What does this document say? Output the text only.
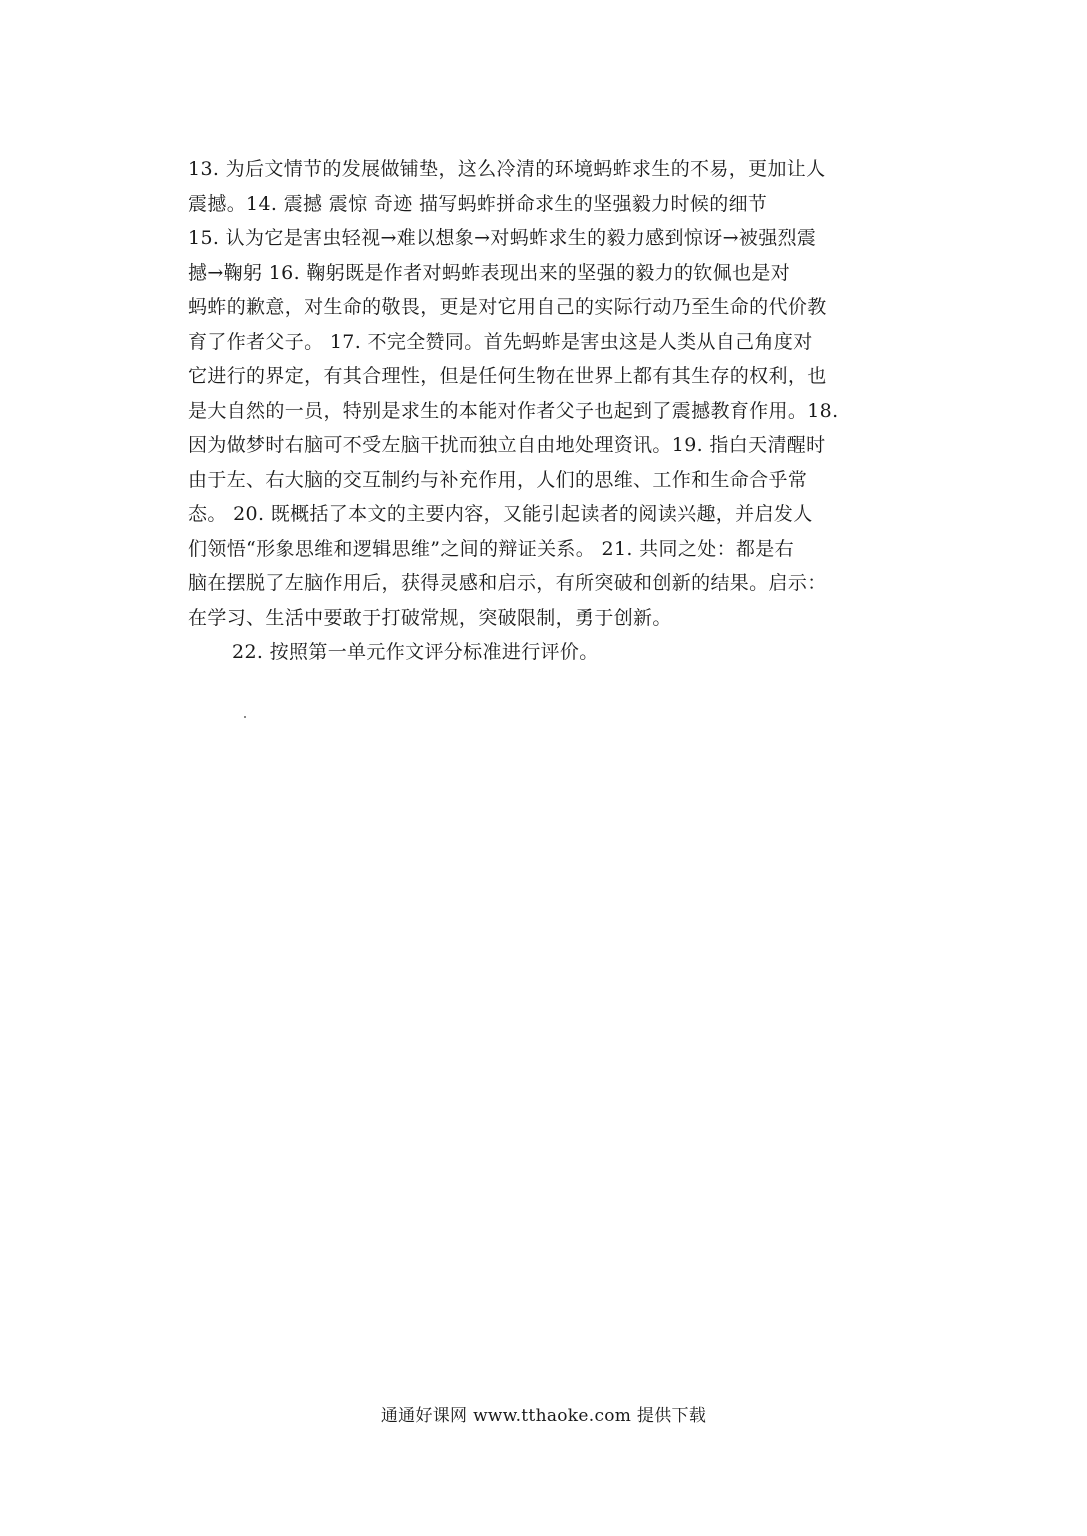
13. 为后文情节的发展做铺垫，这么冷清的环境蚂蚱求生的不易，更加让人
震撼。14. 震撼 震惊 奇迹 描写蚂蚱拼命求生的坚强毅力时候的细节
15. 认为它是害虫轻视→难以想象→对蚂蚱求生的毅力感到惊讶→被强烈震
撼→鞠躬 16. 鞠躬既是作者对蚂蚱表现出来的坚强的毅力的钦佩也是对
蚂蚱的歉意，对生命的敬畏，更是对它用自己的实际行动乃至生命的代价教
育了作者父子。 17. 不完全赞同。首先蚂蚱是害虫这是人类从自己角度对
它进行的界定，有其合理性，但是任何生物在世界上都有其生存的权利，也
是大自然的一员，特别是求生的本能对作者父子也起到了震撼教育作用。18.
因为做梦时右脑可不受左脑干扰而独立自由地处理资讯。19. 指白天清醒时
由于左、右大脑的交互制约与补充作用，人们的思维、工作和生命合乎常
态。 20. 既概括了本文的主要内容，又能引起读者的阅读兴趣，并启发人
们领悟“形象思维和逻辑思维”之间的辩证关系。 21. 共同之处：都是右
脑在摆脱了左脑作用后，获得灵感和启示，有所突破和创新的结果。启示：
在学习、生活中要敢于打破常规，突破限制，勇于创新。
22. 按照第一单元作文评分标准进行评价。
通通好课网 www.tthaoke.com 提供下载
